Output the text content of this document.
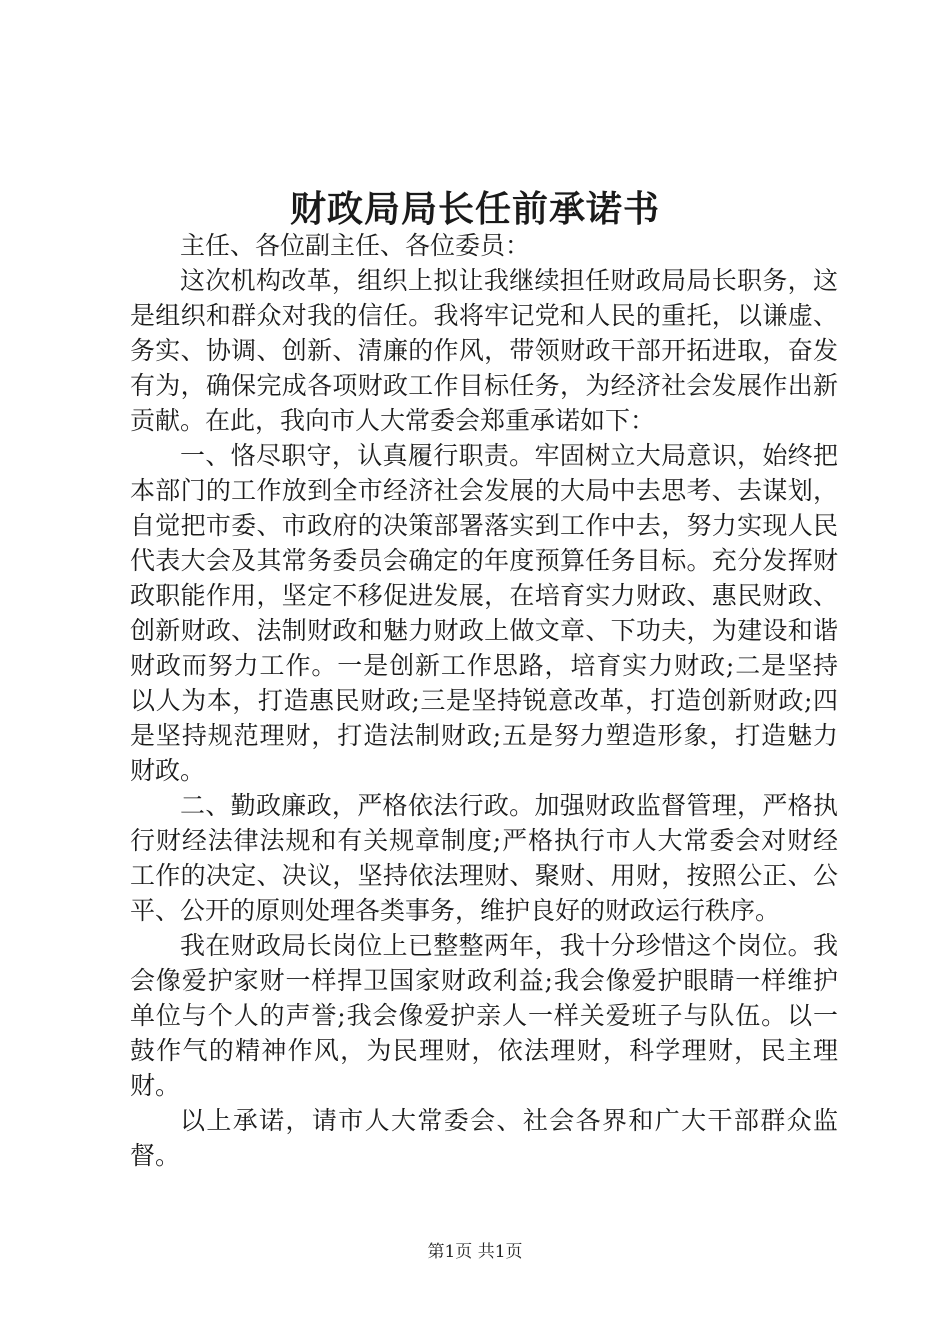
财政局局长任前承诺书

主任、各位副主任、各位委员：

这次机构改革，组织上拟让我继续担任财政局局长职务，这是组织和群众对我的信任。我将牢记党和人民的重托，以谦虚、务实、协调、创新、清廉的作风，带领财政干部开拓进取，奋发有为，确保完成各项财政工作目标任务，为经济社会发展作出新贡献。在此，我向市人大常委会郑重承诺如下：

一、恪尽职守，认真履行职责。牢固树立大局意识，始终把本部门的工作放到全市经济社会发展的大局中去思考、去谋划，自觉把市委、市政府的决策部署落实到工作中去，努力实现人民代表大会及其常务委员会确定的年度预算任务目标。充分发挥财政职能作用，坚定不移促进发展，在培育实力财政、惠民财政、创新财政、法制财政和魅力财政上做文章、下功夫，为建设和谐财政而努力工作。一是创新工作思路，培育实力财政;二是坚持以人为本，打造惠民财政;三是坚持锐意改革，打造创新财政;四是坚持规范理财，打造法制财政;五是努力塑造形象，打造魅力财政。

二、勤政廉政，严格依法行政。加强财政监督管理，严格执行财经法律法规和有关规章制度;严格执行市人大常委会对财经工作的决定、决议，坚持依法理财、聚财、用财，按照公正、公平、公开的原则处理各类事务，维护良好的财政运行秩序。

我在财政局长岗位上已整整两年，我十分珍惜这个岗位。我会像爱护家财一样捍卫国家财政利益;我会像爱护眼睛一样维护单位与个人的声誉;我会像爱护亲人一样关爱班子与队伍。以一鼓作气的精神作风，为民理财，依法理财，科学理财，民主理财。

以上承诺，请市人大常委会、社会各界和广大干部群众监督。

第1页 共1页
